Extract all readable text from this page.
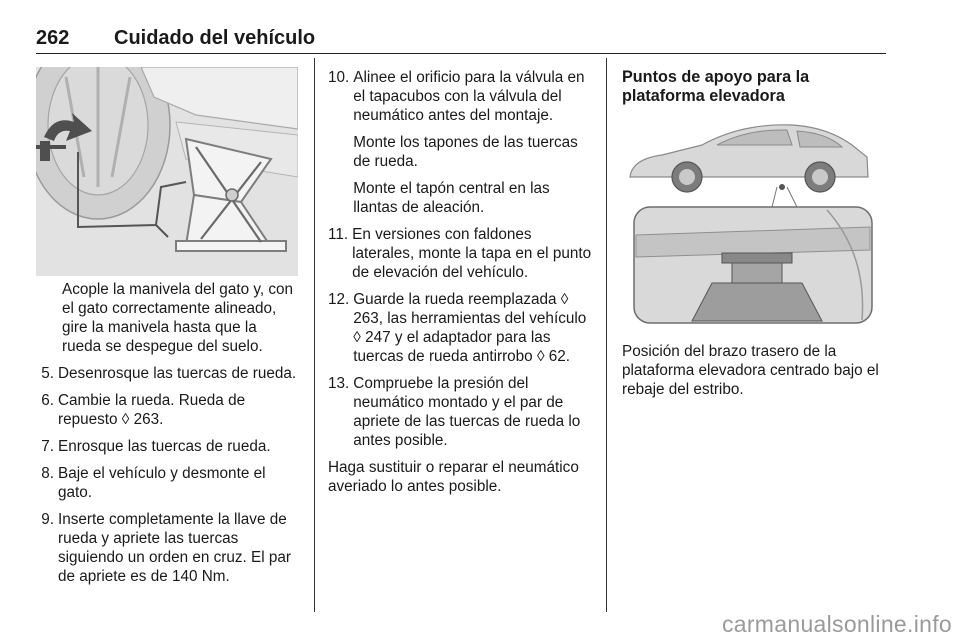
262 Cuidado del vehículo

Acople la manivela del gato y, con el gato correctamente alineado, gire la manivela hasta que la rueda se despegue del suelo.

5. Desenrosque las tuercas de rueda.
6. Cambie la rueda. Rueda de repuesto ◊ 263.
7. Enrosque las tuercas de rueda.
8. Baje el vehículo y desmonte el gato.
9. Inserte completamente la llave de rueda y apriete las tuercas siguiendo un orden en cruz. El par de apriete es de 140 Nm.
10. Alinee el orificio para la válvula en el tapacubos con la válvula del neumático antes del montaje.

Monte los tapones de las tuercas de rueda.

Monte el tapón central en las llantas de aleación.

11. En versiones con faldones laterales, monte la tapa en el punto de elevación del vehículo.

12. Guarde la rueda reemplazada ◊ 263, las herramientas del vehículo ◊ 247 y el adaptador para las tuercas de rueda antirrobo ◊ 62.

13. Compruebe la presión del neumático montado y el par de apriete de las tuercas de rueda lo antes posible.

Haga sustituir o reparar el neumático averiado lo antes posible.

Puntos de apoyo para la plataforma elevadora

Posición del brazo trasero de la plataforma elevadora centrado bajo el rebaje del estribo.

carmanualsonline.info
